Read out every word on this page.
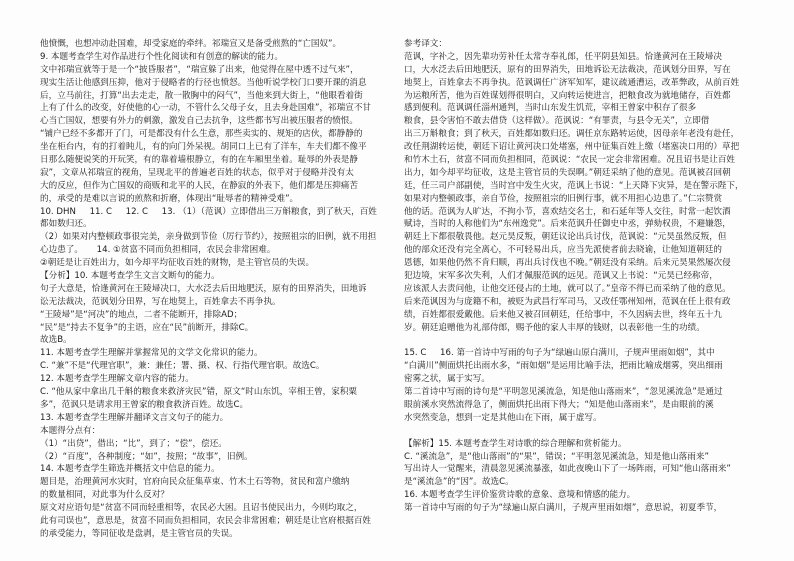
他愤慨，也想冲动赴国难，却受家庭的牵绊。祁瑞宣又是备受煎熬的“亡国奴”。
9. 本题考查学生对作品进行个性化阅读和有创意的解读的能力。
文中祁瑞宣就等于是一个“披昏服者”，“瑞宣躲了出来，他觉得在屋中透不过气来”，
现实生活让他感到压抑，他对于侵略者的行径也愤怒。当他听说学校门口要开课的消息
后，立马前往，打算“出去走走，散一散胸中的闷气”，当他来到大街上，“他眼看着街
上有了什么的改变，好使他的心一动，不管什么父母子女，且去身赴国难”，祁瑞宣不甘
心当亡国奴，想要有外力的刺激，激发自己去抗争，这些都书写出被压服者的愤恨。
“铺户已经不多都开了门，可是都没有什么生意，那些卖实的、规矩的店伙，都静静的
坐在柜台内，有的打着盹儿，有的向门外呆视。胡同口上已有了洋车，车夫们都不像平
日那么随便说笑的开玩笑，有的靠着墙根静立，有的在车厢里坐着。耻辱的外表是静
寂”，文章从祁瑞宣的视角，呈现北平的普遍老百姓的状态，似乎对于侵略并没有太
大的反应，但作为亡国奴的商贩和北平的人民，在静寂的外表下，他们都是压抑痛苦
的，承受的是难以言说的煎熬和折磨，体现出“耻辱者的精神受难”。
10. DHN     11. C     12. C     13. （1）（范讽）立即借出三万斛粮食，到了秋天，百姓
都如数归还。
（2）如果对内整顿政事很完美，亲身做到节俭（厉行节约），按照祖宗的旧例，就不用担
心边患了。     14. ①贫富不同而负担相同，农民会非常困难。
②朝廷是让百姓出力，如今却平均征收百姓的财物，是主管官员的失误。
【分析】10. 本题考查学生文言文断句的能力。
句子大意是，恰逢黄河在王陵埽决口，大水泛去后田地肥沃，原有的田界消失，田地诉
讼无法裁决，范讽划分田界，写在地契上，百姓拿去不再争执。
“王陵埽”是“河决”的地点，二者不能断开，排除AD；
“民”是“持去不复争”的主语，应在“民”前断开，排除C。
故选B。
11. 本题考查学生理解并掌握常见的文学文化常识的能力。
C. “兼”不是“代理官职”，兼：兼任；署、摄、权、行指代理官职。故选C。
12. 本题考查学生理解文章内容的能力。
C. “他从家中拿出几千斛的粮食来救济灾民”错，原文“时山东饥，宰相王曾，家积粟
多”，范讽只是请求用王曾家的粮食救济百姓。故选C。
13. 本题考查学生理解并翻译文言文句子的能力。
本题得分点有：
（1）“出贷”，借出；“比”，到了；“偿”，偿还。
（2）“百度”，各种制度；“如”，按照；“故事”，旧例。
14. 本题考查学生筛选并概括文中信息的能力。
题目是，治理黄河水灾时，官府向民众征集草束、竹木土石等物，贫民和富户缴纳
的数量相同，对此事为什么反对？
原文对应语句是“贫富不同而轻重相等，农民必大困。且诏书使民出力，今则均取之，
此有司误也”，意思是，贫富不同而负担相同，农民会非常困难；朝廷是让官府根据百姓
的承受能力，等同征收是盘剥，是主管官员的失误。
参考译文：
范讽，字补之，因先辈功劳补任太常寺奉礼郎，任平阴县知县。恰逢黄河在王陵埽决
口，大水泛去后田地肥沃，原有的田界消失，田地诉讼无法裁决，范讽划分田界，写在
地契上，百姓拿去不再争执。范讽调任广济军知军，建议疏通漕运，改革弊政，从前百姓
为运粮所苦，他为百姓谋划得很明白，又向转运使进言，把粮食改为就地储存，百姓都
感到便利。范讽调任淄州通判，当时山东发生饥荒，宰相王曾家中积存了很多
粮食，县令害怕不敢去借贷（这样做）。范讽说：“有罪责，与县令无关”，立即借
出三万斛粮食；到了秋天，百姓都如数归还。调任京东路转运使，因母亲年老没有赴任，
改任荆湖转运使，朝廷下诏让黄河决口处堵塞，州中征集百姓上缴（堵塞决口用的）草把
和竹木土石，贫富不同而负担相同，范讽说：“农民一定会非常困难。况且诏书是让百姓
出力，如今却平均征收，这是主管官员的失误啊。”朝廷采纳了他的意见。范讽被召回朝
廷，任三司户部副使，当时宫中发生火灾，范讽上书说：“上天降下灾异，是在警示陛下，
如果对内整顿政事，亲自节俭，按照祖宗的旧例行事，就不用担心边患了。”仁宗赞赏
他的话。范讽为人旷达，不拘小节，喜欢结交名士，和石延年等人交往，时常一起饮酒
赋诗，当时的人称他们为“东州逸党”。后来范讽升任御史中丞，弹劾权贵，不避嫌怨，
朝廷上下都很敬畏他。赵元昊反叛，朝廷议论出兵讨伐，范讽说：“元昊虽然反叛，但
他的部众还没有完全离心，不可轻易出兵，应当先派使者前去晓谕，让他知道朝廷的
恩德，如果他仍然不肯归顺，再出兵讨伐也不晚。”朝廷没有采纳。后来元昊果然屡次侵
犯边境，宋军多次失利，人们才佩服范讽的远见。范讽又上书说：“元昊已经称帝，
应该派人去责问他，让他交还侵占的土地，就可以了。”皇帝不得已而采纳了他的意见。
后来范讽因为与庞籍不和，被贬为武昌行军司马，又改任鄂州知州，范讽在任上很有政
绩，百姓都很爱戴他。后来他又被召回朝廷，任给事中，不久因病去世，终年五十九
岁。朝廷追赠他为礼部侍郎，赐予他的家人丰厚的钱财，以表彰他一生的功绩。
15. C     16. 第一首诗中写雨的句子为“绿遍山原白满川，子规声里雨如烟”，其中
“白满川”侧面烘托出雨水多，“雨如烟”是运用比喻手法，把雨比喻成烟雾，突出细雨
密雾之状，属于实写。
第二首诗中写雨的诗句是“平明忽见溪流急，知是他山落雨来”，“忽见溪流急”是通过
眼前溪水突然流得急了，侧面烘托出雨下得大；“知是他山落雨来”，是由眼前的溪
水突然变急，想到一定是其他山在下雨，属于虚写。
【解析】15. 本题考查学生对诗歌的综合理解和赏析能力。
C. “溪流急”，是“他山落雨”的“果”，错误；“平明忽见溪流急，知是他山落雨来”
写出诗人一觉醒来，清晨忽见溪流暴涨，如此夜晚山下了一场阵雨，可知“他山落雨来”
是“溪流急”的“因”。故选C。
16. 本题考查学生评价鉴赏诗歌的意象、意境和情感的能力。
第一首诗中写雨的句子为“绿遍山原白满川，子规声里雨如烟”，意思说，初夏季节，
